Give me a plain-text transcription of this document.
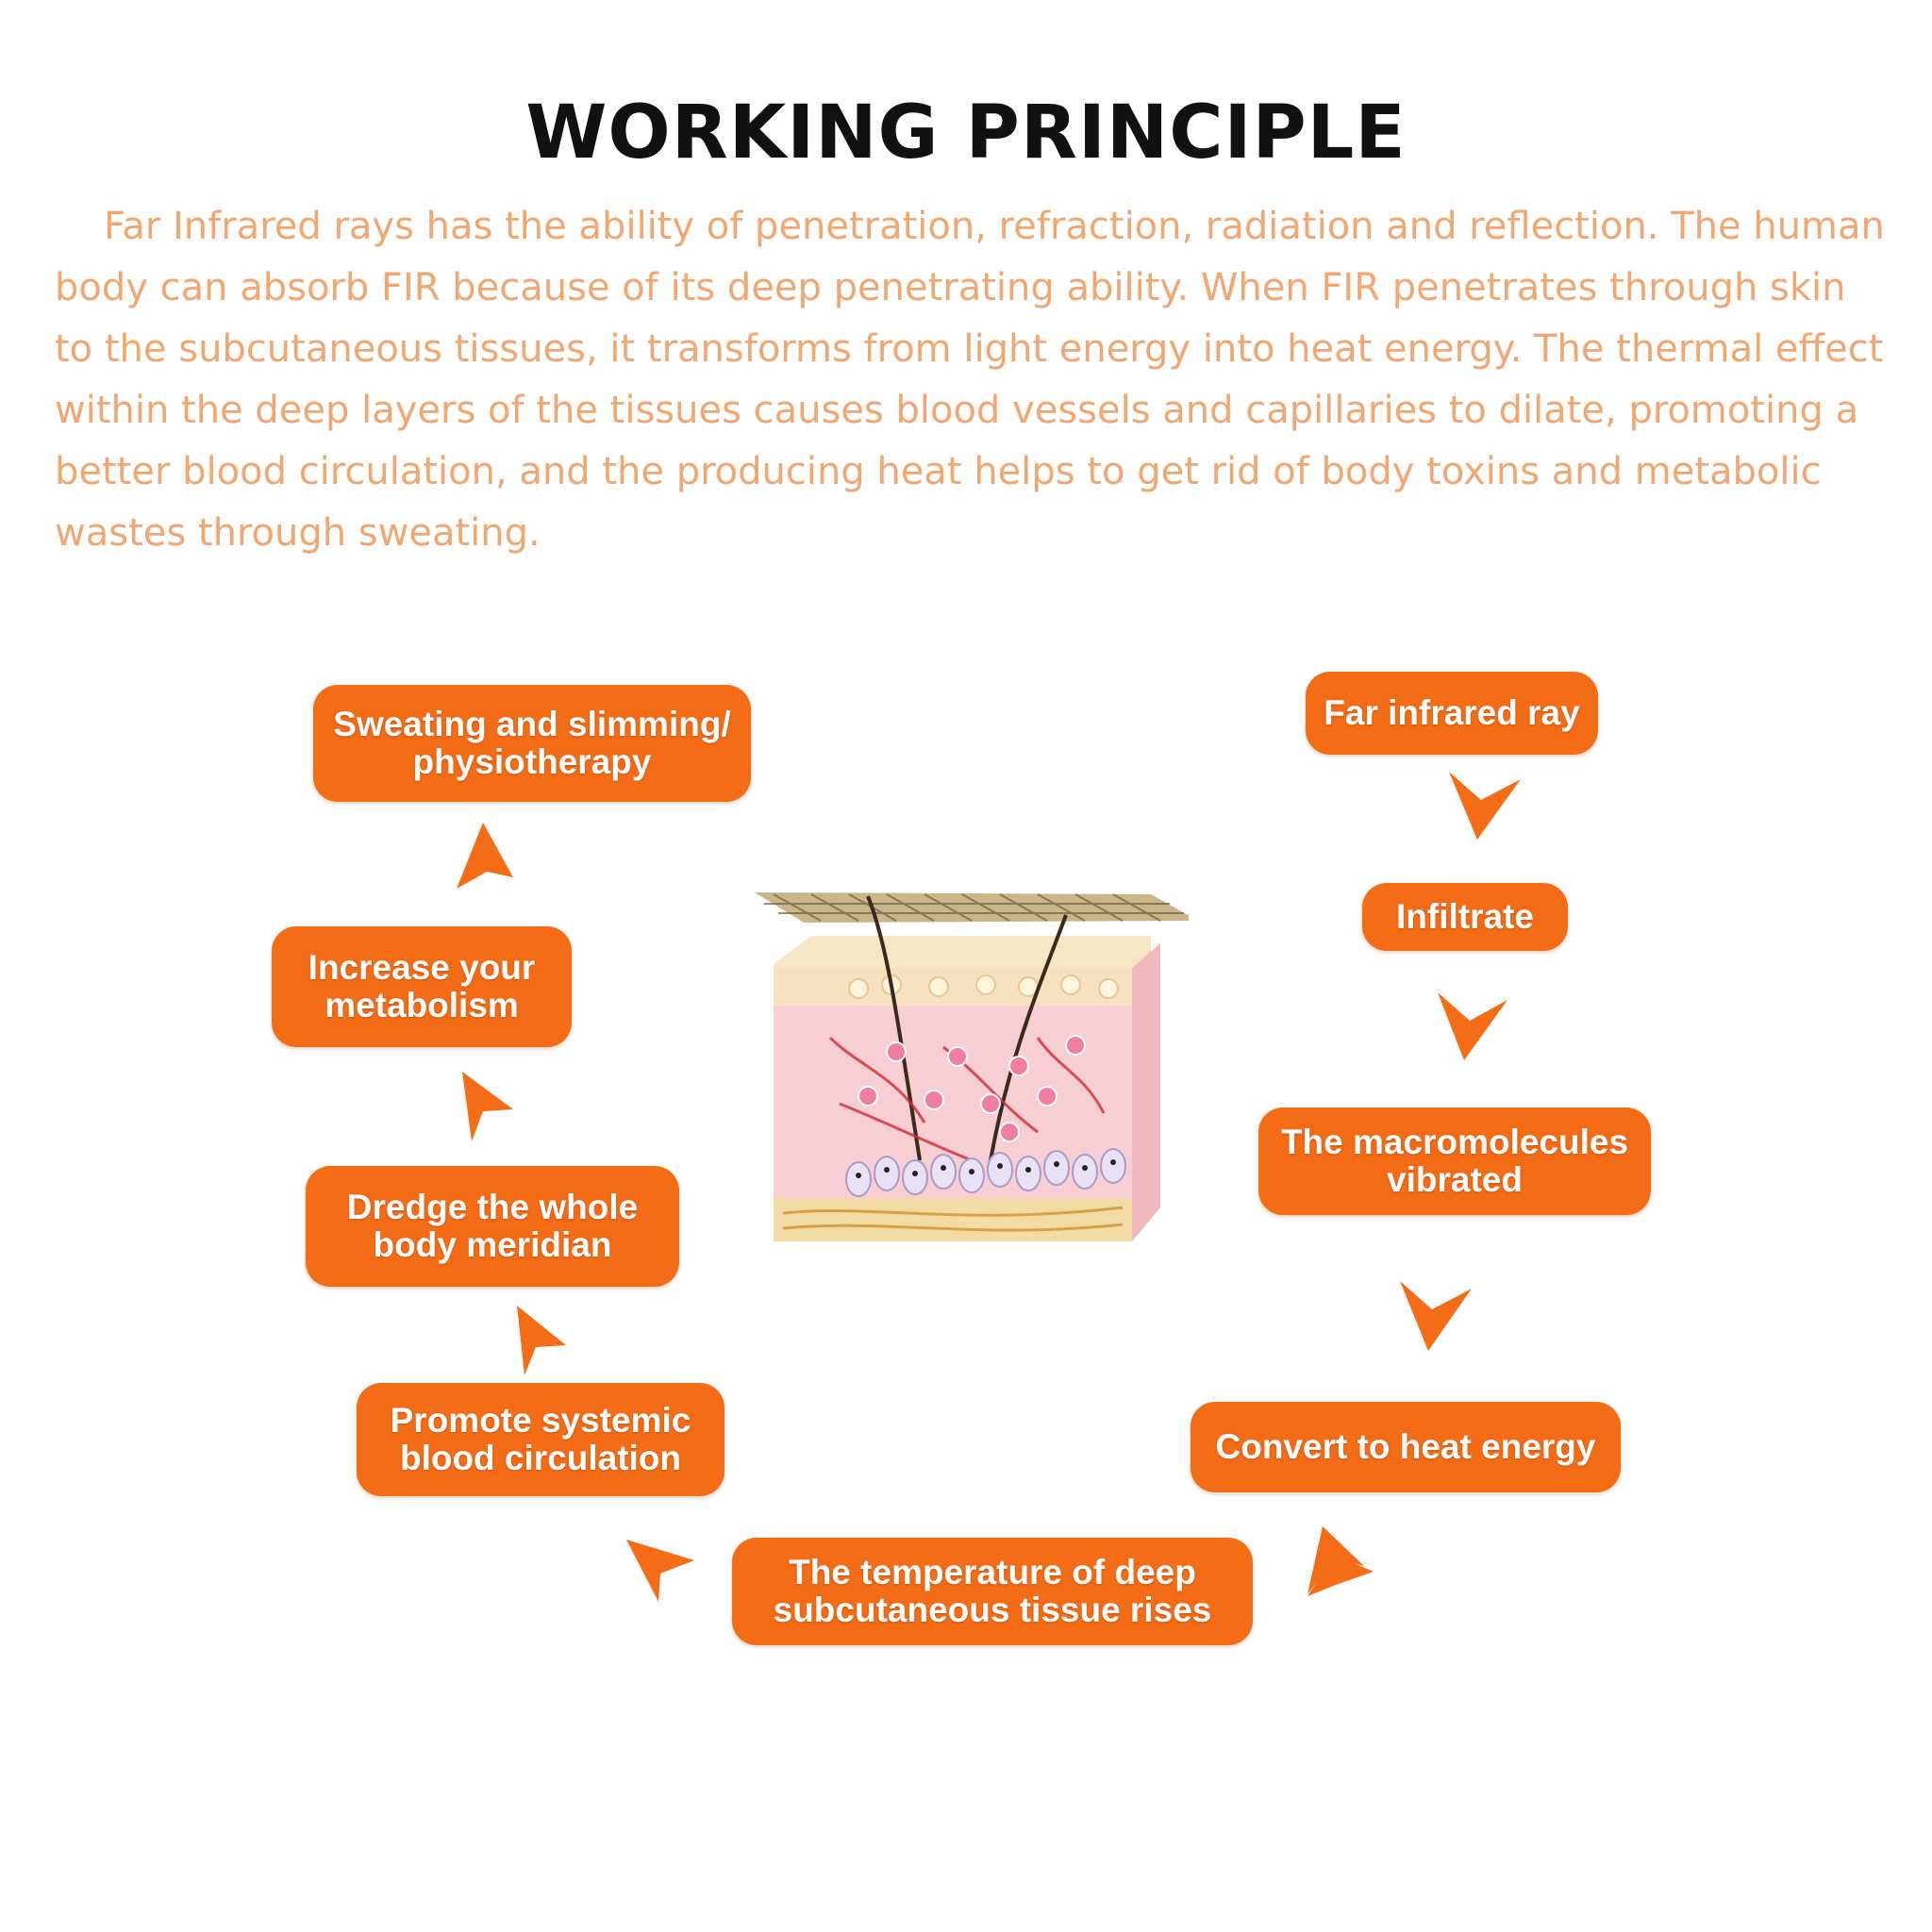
WORKING PRINCIPLE

Far Infrared rays has the ability of penetration, refraction, radiation and reflection. The human body can absorb FIR because of its deep penetrating ability. When FIR penetrates through skin to the subcutaneous tissues, it transforms from light energy into heat energy. The thermal effect within the deep layers of the tissues causes blood vessels and capillaries to dilate, promoting a better blood circulation, and the producing heat helps to get rid of body toxins and metabolic wastes through sweating.

Far infrared ray
Infiltrate
The macromolecules
vibrated
Convert to heat energy
The temperature of deep
subcutaneous tissue rises
Promote systemic
blood circulation
Dredge the whole
body meridian
Increase your
metabolism
Sweating and slimming/
physiotherapy
